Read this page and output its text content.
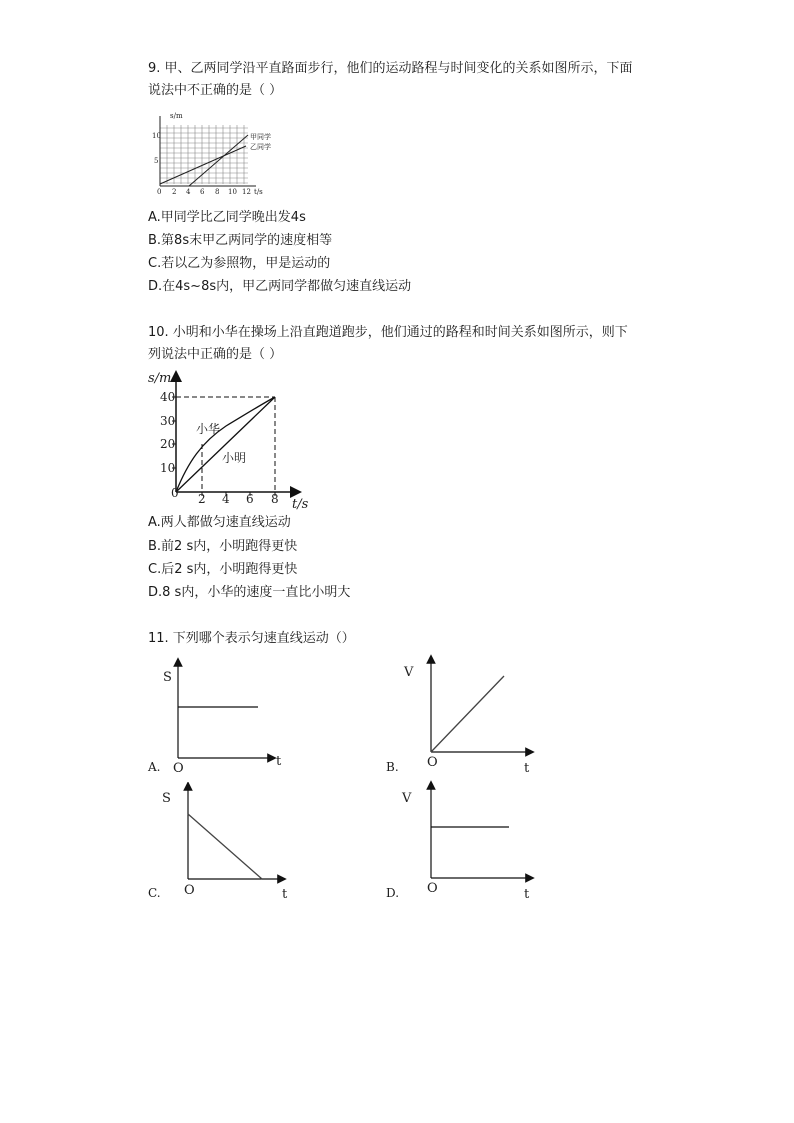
9. 甲、乙两同学沿平直路面步行，他们的运动路程与时间变化的关系如图所示，下面
说法中不正确的是（ ）
s/m
10
5
0 2 4 6 8 10 12 t/s
甲同学
乙同学
A.甲同学比乙同学晚出发4s
B.第8s末甲乙两同学的速度相等
C.若以乙为参照物，甲是运动的
D.在4s~8s内，甲乙两同学都做匀速直线运动
10. 小明和小华在操场上沿直跑道跑步，他们通过的路程和时间关系如图所示，则下
列说法中正确的是（ ）
s/m
10
20
30
40
0 2 4 6 8 t/s
小华
小明
A.两人都做匀速直线运动
B.前2 s内，小明跑得更快
C.后2 s内，小明跑得更快
D.8 s内，小华的速度一直比小明大
11. 下列哪个表示匀速直线运动（）
A.
S
t
O	B.
V
t
O
C.
S
t
O	D.
V
t
O
